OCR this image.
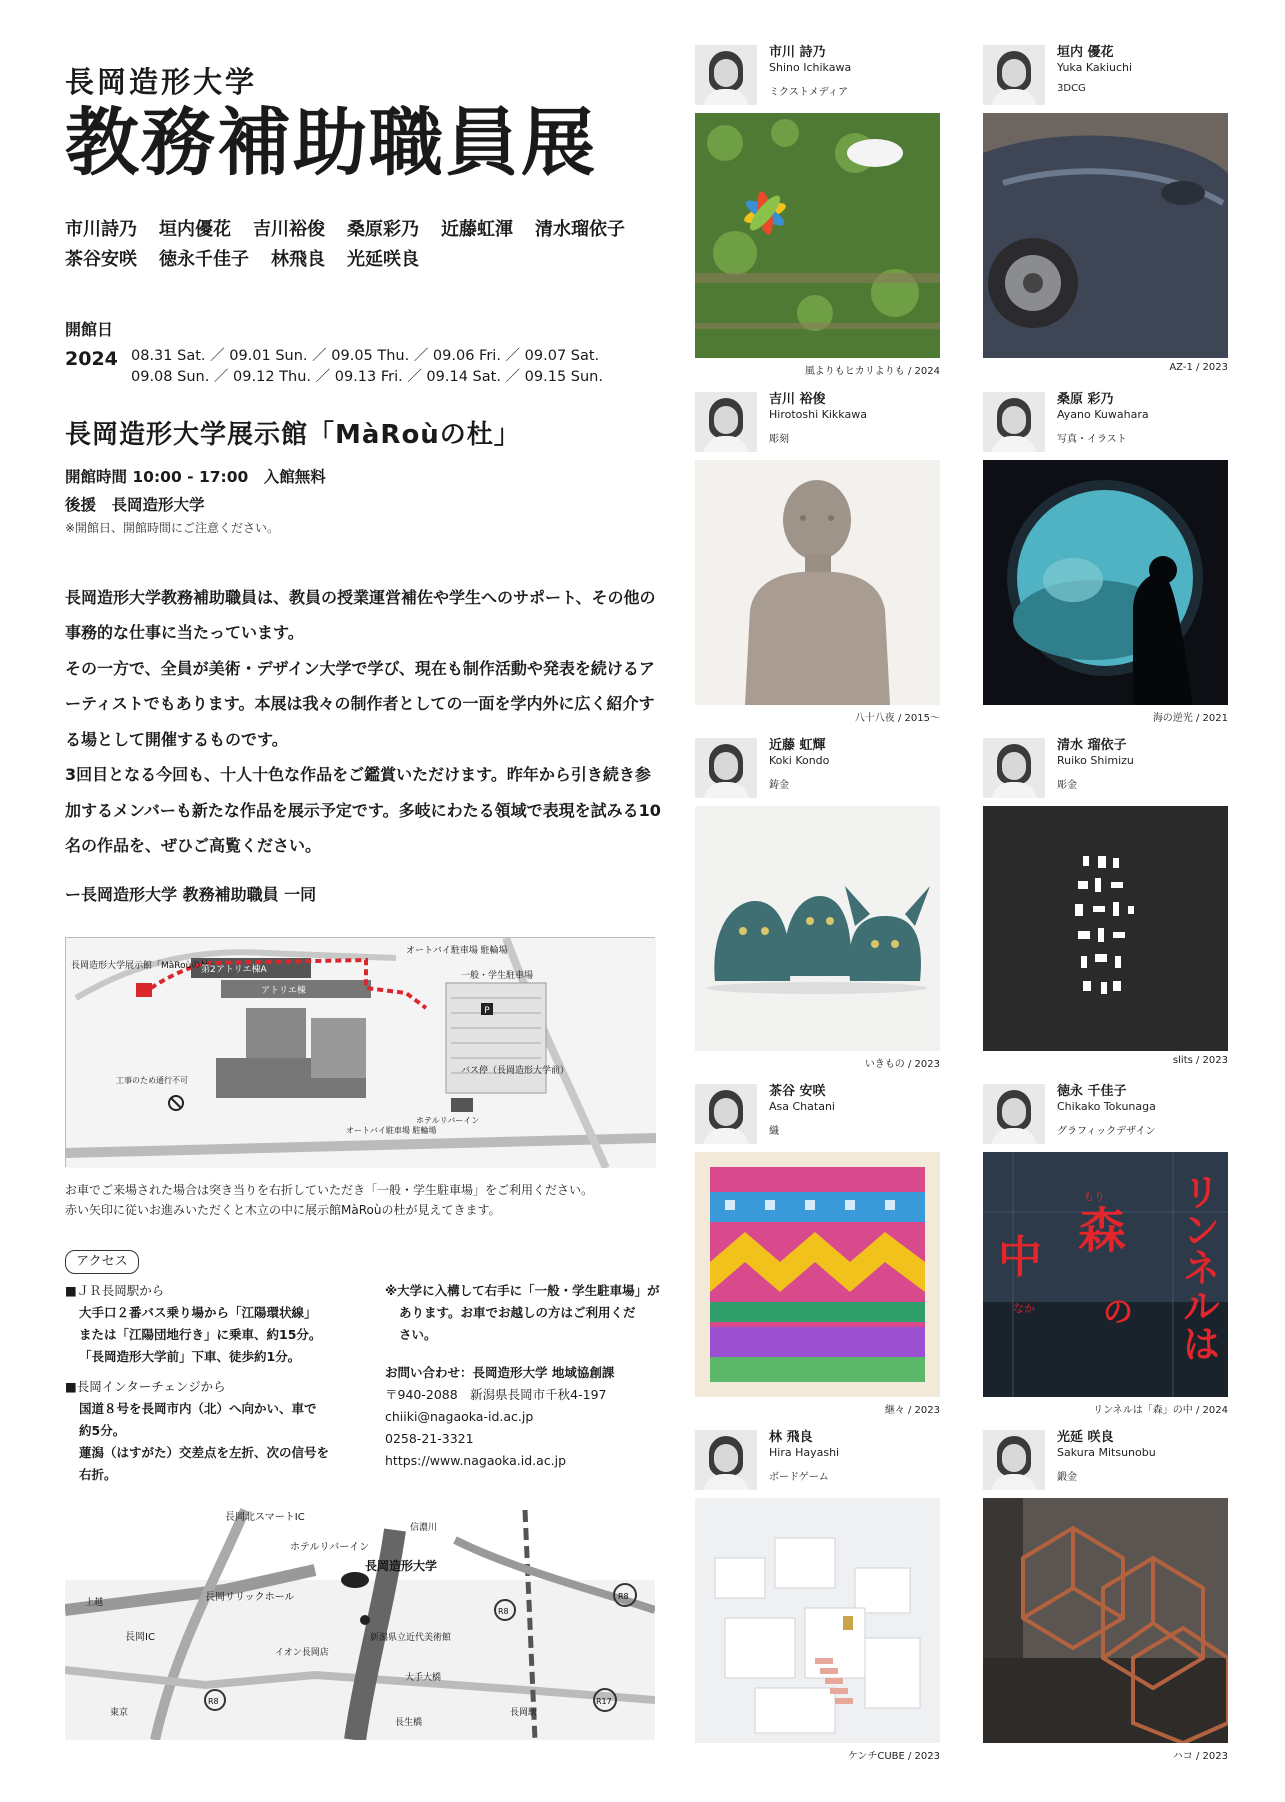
長岡造形大学
教務補助職員展
市川詩乃 垣内優花 吉川裕俊 桑原彩乃 近藤虹渾 清水瑠依子
茶谷安咲 徳永千佳子 林飛良 光延咲良
開館日
2024 08.31 Sat. ／ 09.01 Sun. ／ 09.05 Thu. ／ 09.06 Fri. ／ 09.07 Sat.
09.08 Sun. ／ 09.12 Thu. ／ 09.13 Fri. ／ 09.14 Sat. ／ 09.15 Sun.
長岡造形大学展示館「MàRoùの杜」
開館時間 10:00 - 17:00　入館無料
後援　長岡造形大学
※開館日、開館時間にご注意ください。
長岡造形大学教務補助職員は、教員の授業運営補佐や学生へのサポート、その他の事務的な仕事に当たっています。
その一方で、全員が美術・デザイン大学で学び、現在も制作活動や発表を続けるアーティストでもあります。本展は我々の制作者としての一面を学内外に広く紹介する場として開催するものです。
3回目となる今回も、十人十色な作品をご鑑賞いただけます。昨年から引き続き参加するメンバーも新たな作品を展示予定です。多岐にわたる領域で表現を試みる10名の作品を、ぜひご高覧ください。
ー長岡造形大学 教務補助職員 一同
P
長岡造形大学展示館「MàRoùの杜」
第2アトリエ棟A
アトリエ棟
オートバイ駐車場 駐輪場
一般・学生駐車場
バス停（長岡造形大学前）
工事のため通行不可
ホテルリバーイン
オートバイ駐車場 駐輪場
お車でご来場された場合は突き当りを右折していただき「一般・学生駐車場」をご利用ください。
赤い矢印に従いお進みいただくと木立の中に展示館MàRoùの杜が見えてきます。
アクセス
■ＪＲ長岡駅から
大手口２番バス乗り場から「江陽環状線」
または「江陽団地行き」に乗車、約15分。
「長岡造形大学前」下車、徒歩約1分。
■長岡インターチェンジから
国道８号を長岡市内（北）へ向かい、車で
約5分。
蓮潟（はすがた）交差点を左折、次の信号を
右折。
※大学に入構して右手に「一般・学生駐車場」が
あります。お車でお越しの方はご利用くだ
さい。
お問い合わせ：長岡造形大学 地域協創課
〒940-2088　新潟県長岡市千秋4-197
chiiki@nagaoka-id.ac.jp
0258-21-3321
https://www.nagaoka.id.ac.jp
長岡北スマートIC
ホテルリバーイン
長岡造形大学
信濃川
長岡リリックホール
新潟県立近代美術館
イオン長岡店
大手大橋
長生橋
長岡IC
長岡駅
上越
東京
R8
R8
R8
R17
市川 詩乃
Shino Ichikawa
ミクストメディア
風よりもヒカリよりも / 2024
垣内 優花
Yuka Kakiuchi
3DCG
AZ-1 / 2023
吉川 裕俊
Hirotoshi Kikkawa
彫刻
八十八夜 / 2015～
桑原 彩乃
Ayano Kuwahara
写真・イラスト
海の逆光 / 2021
近藤 虹輝
Koki Kondo
鋳金
いきもの / 2023
清水 瑠依子
Ruiko Shimizu
彫金
slits / 2023
茶谷 安咲
Asa Chatani
織
継々 / 2023
徳永 千佳子
Chikako Tokunaga
グラフィックデザイン
リンネルは
森
中
の
もり
なか
リンネルは「森」の中 / 2024
林 飛良
Hira Hayashi
ボードゲーム
ケンチCUBE / 2023
光延 咲良
Sakura Mitsunobu
鍛金
ハコ / 2023
